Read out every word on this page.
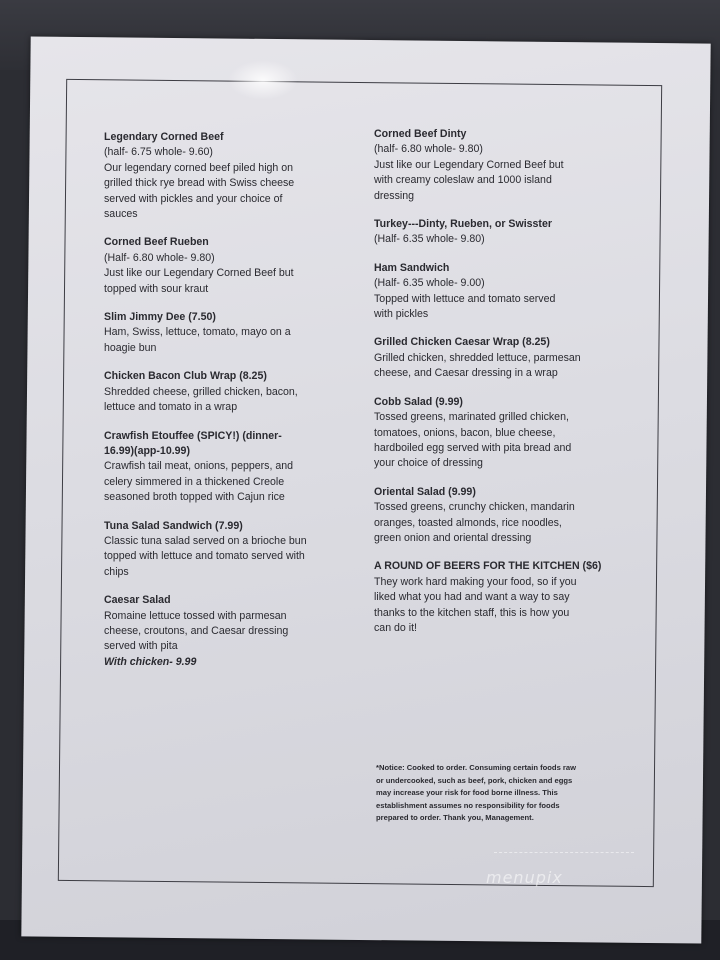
Legendary Corned Beef
(half- 6.75 whole- 9.60)
Our legendary corned beef piled high on
grilled thick rye bread with Swiss cheese
served with pickles and your choice of
sauces
Corned Beef Rueben
(Half- 6.80 whole- 9.80)
Just like our Legendary Corned Beef but
topped with sour kraut
Slim Jimmy Dee (7.50)
Ham, Swiss, lettuce, tomato, mayo on a
hoagie bun
Chicken Bacon Club Wrap (8.25)
Shredded cheese, grilled chicken, bacon,
lettuce and tomato in a wrap
Crawfish Etouffee (SPICY!) (dinner-
16.99)(app-10.99)
Crawfish tail meat, onions, peppers, and
celery simmered in a thickened Creole
seasoned broth topped with Cajun rice
Tuna Salad Sandwich (7.99)
Classic tuna salad served on a brioche bun
topped with lettuce and tomato served with
chips
Caesar Salad
Romaine lettuce tossed with parmesan
cheese, croutons, and Caesar dressing
served with pita
With chicken- 9.99
Corned Beef Dinty
(half- 6.80 whole- 9.80)
Just like our Legendary Corned Beef but
with creamy coleslaw and 1000 island
dressing
Turkey---Dinty, Rueben, or Swisster
(Half- 6.35 whole- 9.80)
Ham Sandwich
(Half- 6.35 whole- 9.00)
Topped with lettuce and tomato served
with pickles
Grilled Chicken Caesar Wrap (8.25)
Grilled chicken, shredded lettuce, parmesan
cheese, and Caesar dressing in a wrap
Cobb Salad (9.99)
Tossed greens, marinated grilled chicken,
tomatoes, onions, bacon, blue cheese,
hardboiled egg served with pita bread and
your choice of dressing
Oriental Salad (9.99)
Tossed greens, crunchy chicken, mandarin
oranges, toasted almonds, rice noodles,
green onion and oriental dressing
A ROUND OF BEERS FOR THE KITCHEN ($6)
They work hard making your food, so if you
liked what you had and want a way to say
thanks to the kitchen staff, this is how you
can do it!
*Notice: Cooked to order. Consuming certain foods raw
or undercooked, such as beef, pork, chicken and eggs
may increase your risk for food borne illness. This
establishment assumes no responsibility for foods
prepared to order. Thank you, Management.
menupix
